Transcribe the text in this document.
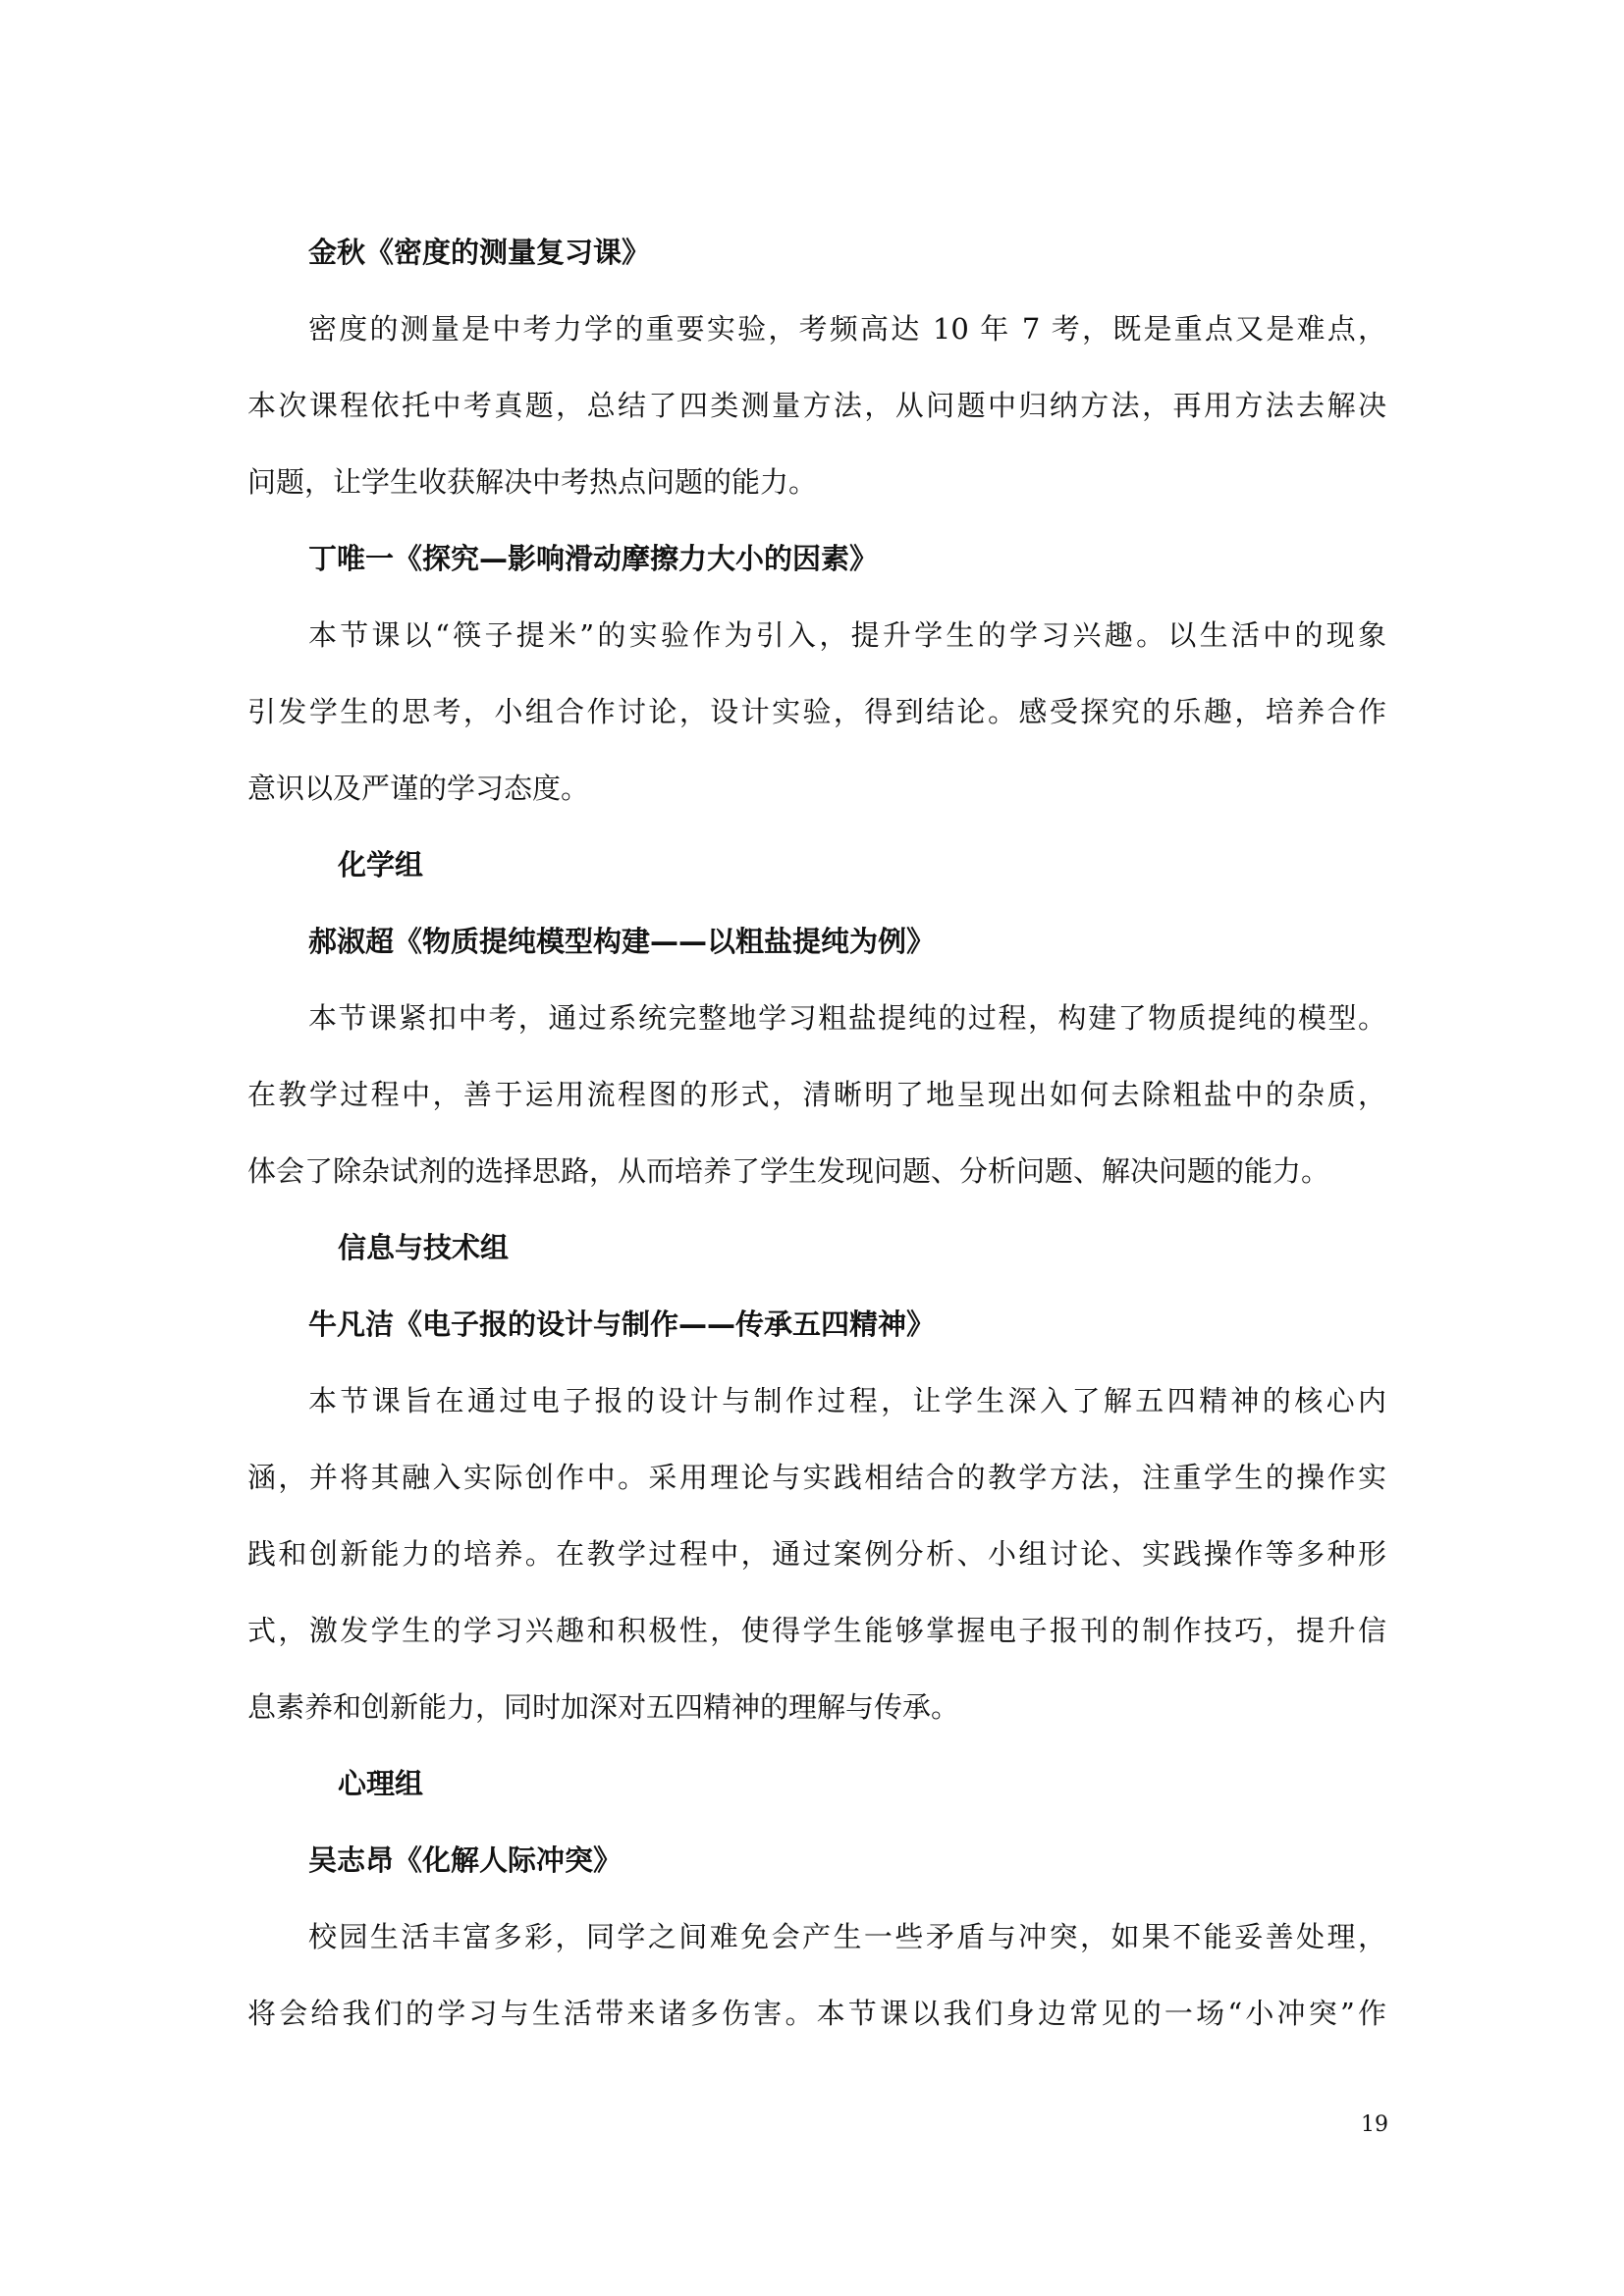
金秋《密度的测量复习课》
密度的测量是中考力学的重要实验，考频高达 10 年 7 考，既是重点又是难点，
本次课程依托中考真题，总结了四类测量方法，从问题中归纳方法，再用方法去解决
问题，让学生收获解决中考热点问题的能力。
丁唯一《探究—影响滑动摩擦力大小的因素》
本节课以“筷子提米”的实验作为引入，提升学生的学习兴趣。以生活中的现象
引发学生的思考，小组合作讨论，设计实验，得到结论。感受探究的乐趣，培养合作
意识以及严谨的学习态度。
化学组
郝淑超《物质提纯模型构建——以粗盐提纯为例》
本节课紧扣中考，通过系统完整地学习粗盐提纯的过程，构建了物质提纯的模型。
在教学过程中，善于运用流程图的形式，清晰明了地呈现出如何去除粗盐中的杂质，
体会了除杂试剂的选择思路，从而培养了学生发现问题、分析问题、解决问题的能力。
信息与技术组
牛凡洁《电子报的设计与制作——传承五四精神》
本节课旨在通过电子报的设计与制作过程，让学生深入了解五四精神的核心内
涵，并将其融入实际创作中。采用理论与实践相结合的教学方法，注重学生的操作实
践和创新能力的培养。在教学过程中，通过案例分析、小组讨论、实践操作等多种形
式，激发学生的学习兴趣和积极性，使得学生能够掌握电子报刊的制作技巧，提升信
息素养和创新能力，同时加深对五四精神的理解与传承。
心理组
吴志昂《化解人际冲突》
校园生活丰富多彩，同学之间难免会产生一些矛盾与冲突，如果不能妥善处理，
将会给我们的学习与生活带来诸多伤害。本节课以我们身边常见的一场“小冲突”作
19
